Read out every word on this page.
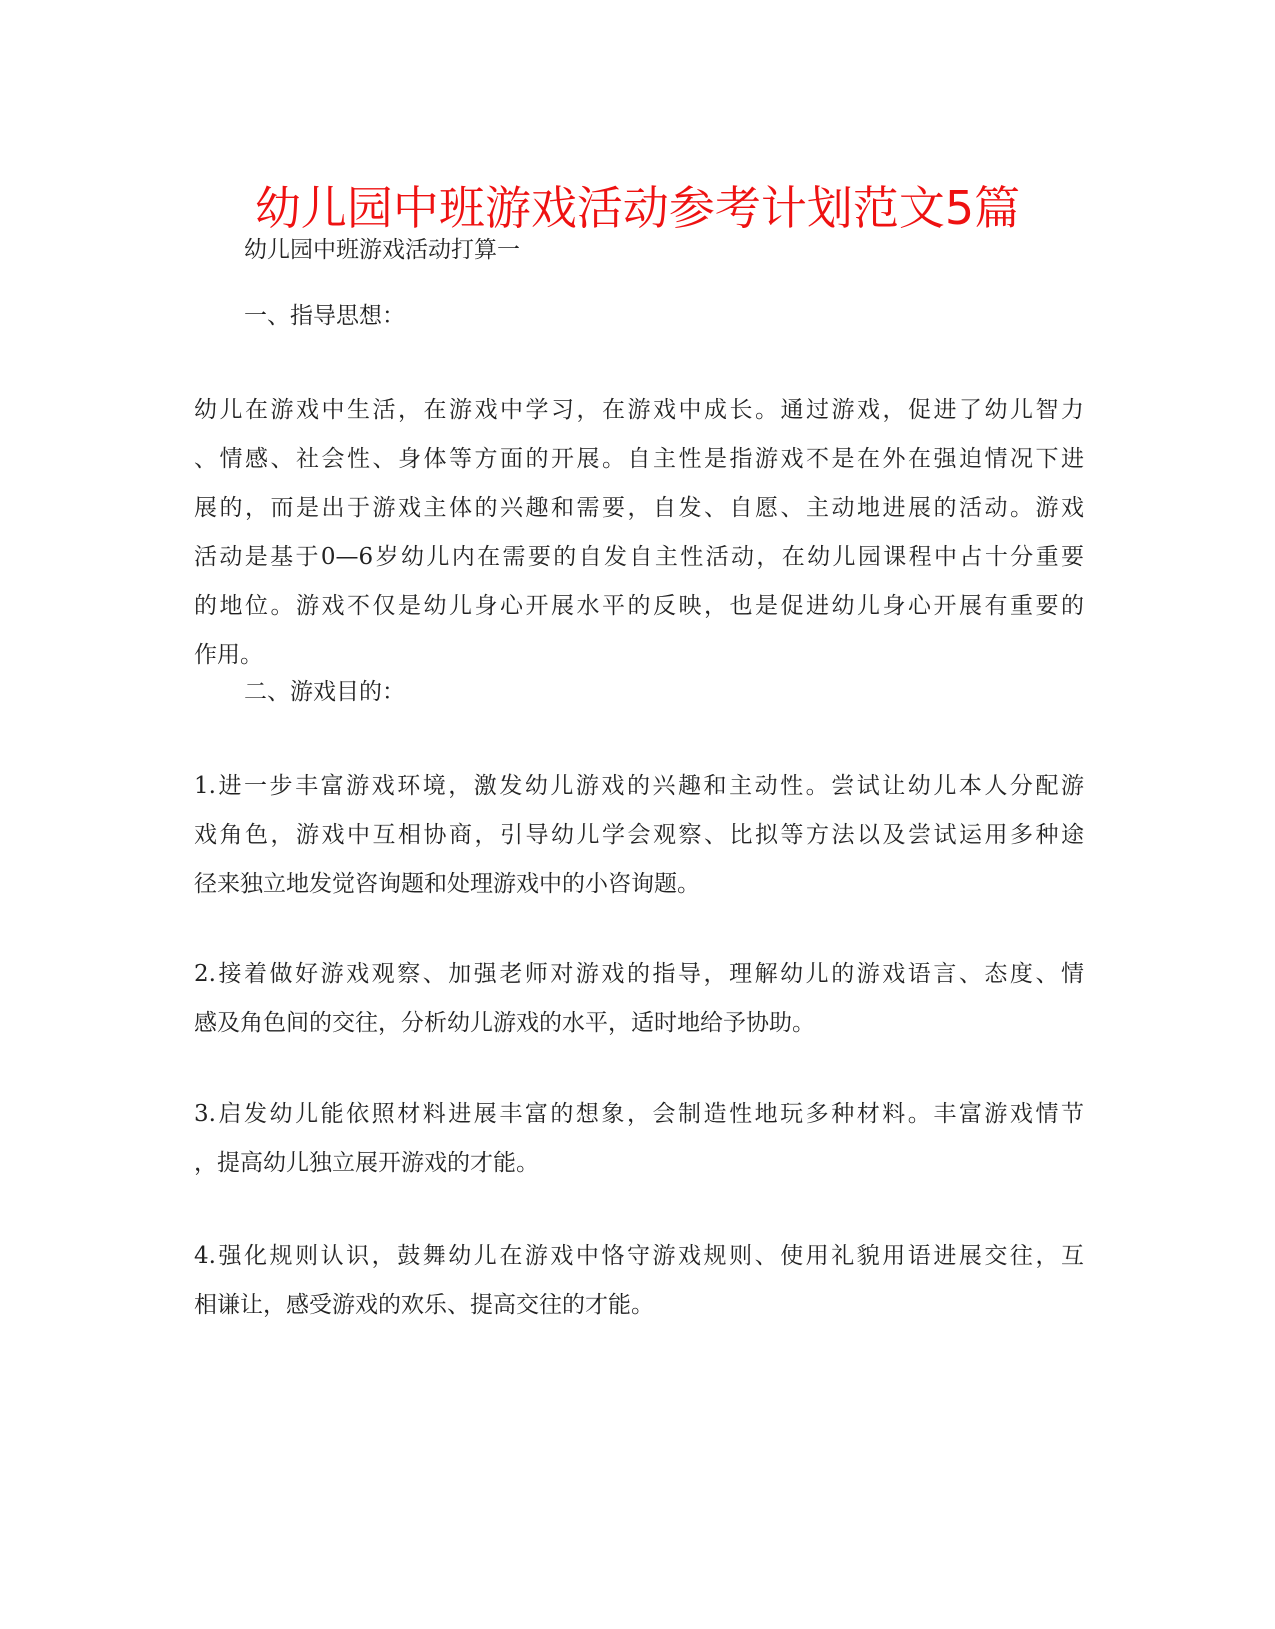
幼儿园中班游戏活动参考计划范文5篇

幼儿园中班游戏活动打算一

一、指导思想：

幼儿在游戏中生活，在游戏中学习，在游戏中成长。通过游戏，促进了幼儿智力
、情感、社会性、身体等方面的开展。自主性是指游戏不是在外在强迫情况下进
展的，而是出于游戏主体的兴趣和需要，自发、自愿、主动地进展的活动。游戏
活动是基于0—6岁幼儿内在需要的自发自主性活动，在幼儿园课程中占十分重要
的地位。游戏不仅是幼儿身心开展水平的反映，也是促进幼儿身心开展有重要的
作用。

二、游戏目的：

1.进一步丰富游戏环境，激发幼儿游戏的兴趣和主动性。尝试让幼儿本人分配游
戏角色，游戏中互相协商，引导幼儿学会观察、比拟等方法以及尝试运用多种途
径来独立地发觉咨询题和处理游戏中的小咨询题。
2.接着做好游戏观察、加强老师对游戏的指导，理解幼儿的游戏语言、态度、情
感及角色间的交往，分析幼儿游戏的水平，适时地给予协助。
3.启发幼儿能依照材料进展丰富的想象，会制造性地玩多种材料。丰富游戏情节
，提高幼儿独立展开游戏的才能。
4.强化规则认识，鼓舞幼儿在游戏中恪守游戏规则、使用礼貌用语进展交往，互
相谦让，感受游戏的欢乐、提高交往的才能。
